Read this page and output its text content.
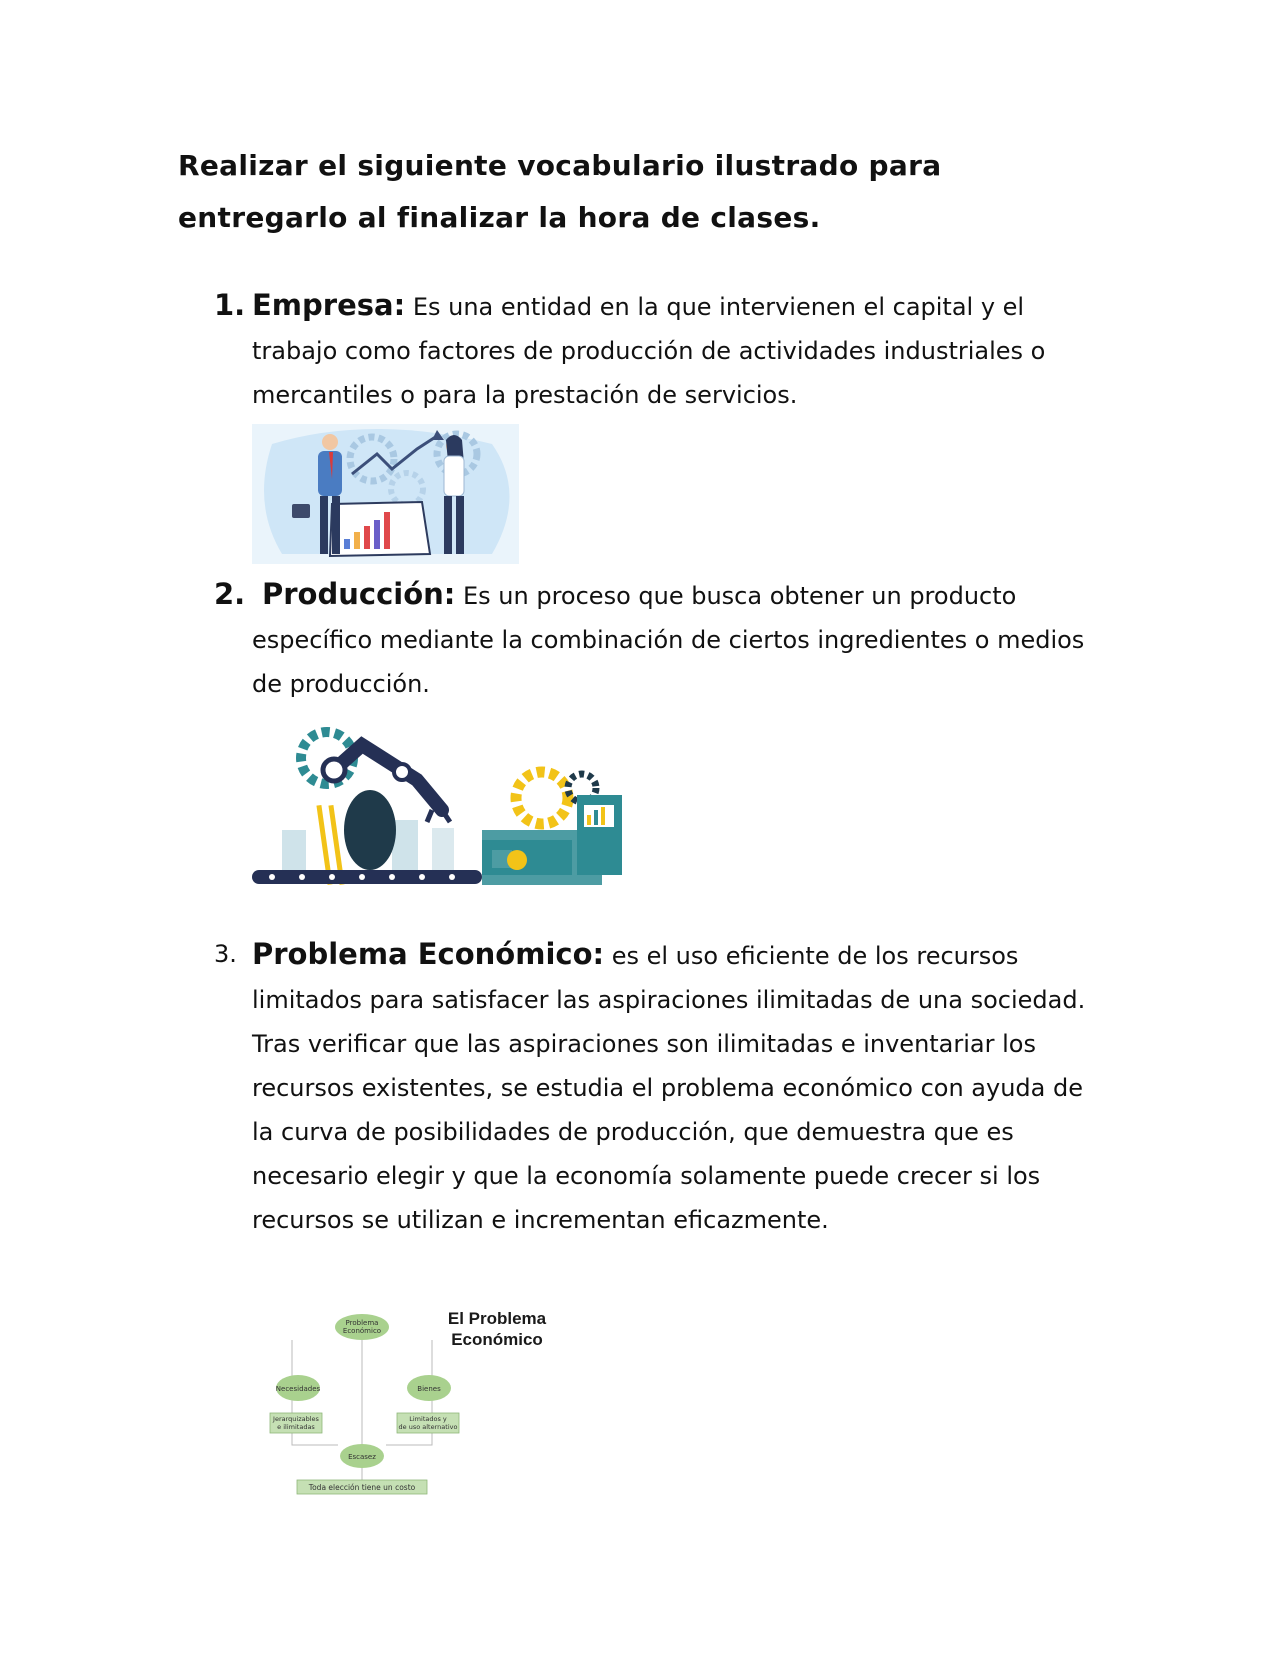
Realizar el siguiente vocabulario ilustrado para
entregarlo al finalizar la hora de clases.
1. Empresa: Es una entidad en la que intervienen el capital y el trabajo como factores de producción de actividades industriales o mercantiles o para la prestación de servicios.
2. Producción: Es un proceso que busca obtener un producto específico mediante la combinación de ciertos ingredientes o medios de producción.
3. Problema Económico: es el uso eficiente de los recursos limitados para satisfacer las aspiraciones ilimitadas de una sociedad. Tras verificar que las aspiraciones son ilimitadas e inventariar los recursos existentes, se estudia el problema económico con ayuda de la curva de posibilidades de producción, que demuestra que es necesario elegir y que la economía solamente puede crecer si los recursos se utilizan e incrementan eficazmente.
Problema
Económico
Necesidades	Bienes
Jerarquizables
e ilimitadas
Limitados y
de uso alternativo
Escasez
Toda elección tiene un costo
El Problema
Económico
